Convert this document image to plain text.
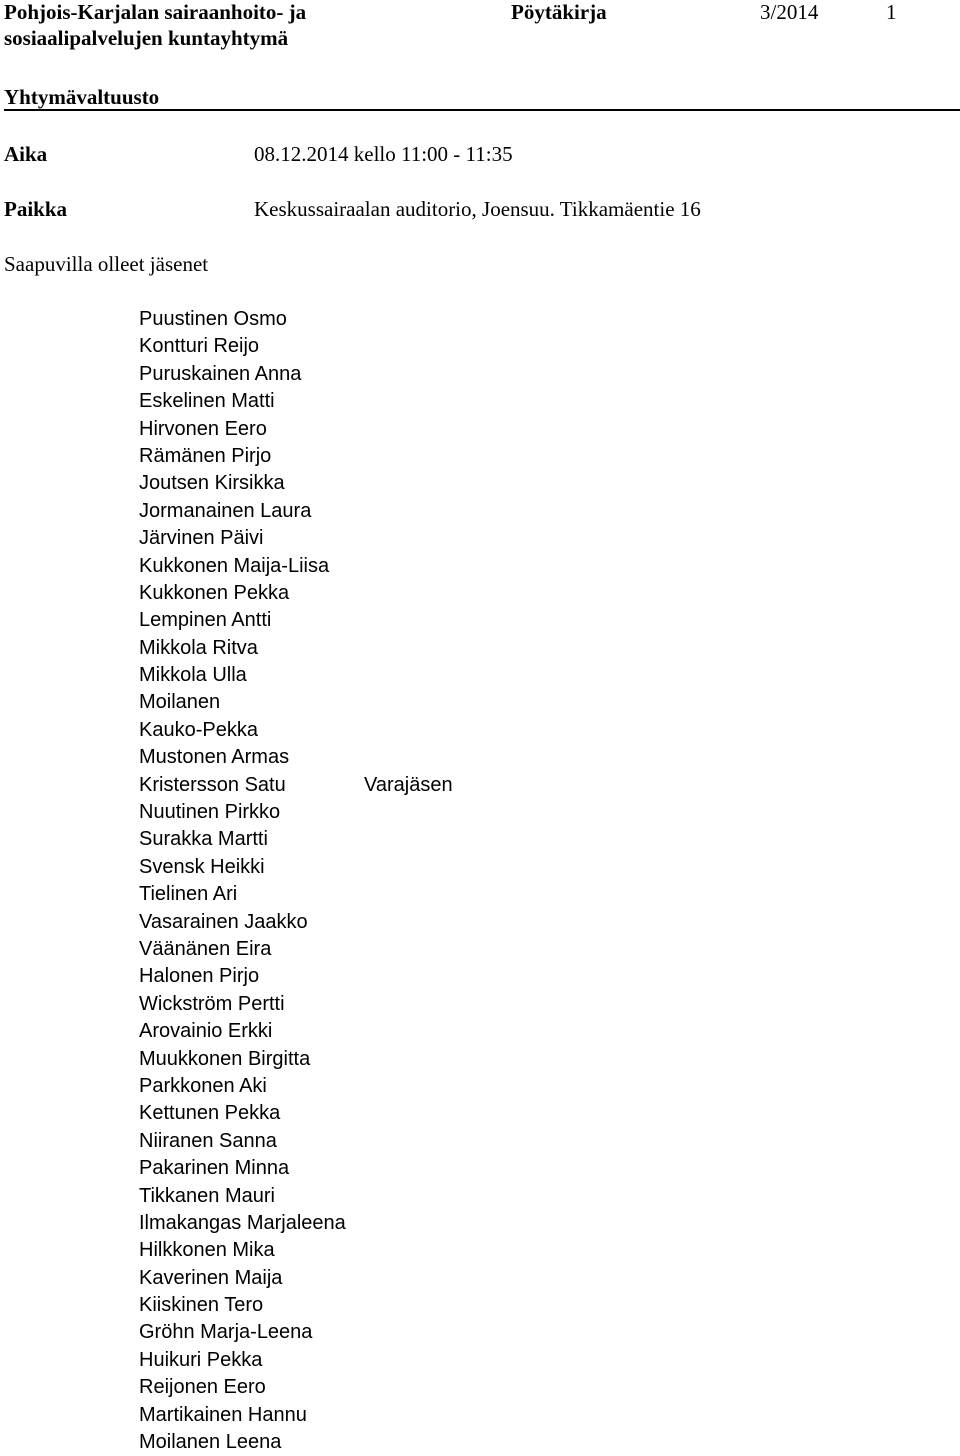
Pohjois-Karjalan sairaanhoito- ja sosiaalipalvelujen kuntayhtymä
Pöytäkirja	3/2014	1
Yhtymävaltuusto
Aika	08.12.2014 kello 11:00 - 11:35
Paikka	Keskussairaalan auditorio, Joensuu. Tikkamäentie 16
Saapuvilla olleet jäsenet
Puustinen Osmo
Kontturi Reijo
Puruskainen Anna
Eskelinen Matti
Hirvonen Eero
Rämänen Pirjo
Joutsen Kirsikka
Jormanainen Laura
Järvinen Päivi
Kukkonen Maija-Liisa
Kukkonen Pekka
Lempinen Antti
Mikkola Ritva
Mikkola Ulla
Moilanen
Kauko-Pekka
Mustonen Armas
Kristersson Satu	Varajäsen
Nuutinen Pirkko
Surakka Martti
Svensk Heikki
Tielinen Ari
Vasarainen Jaakko
Väänänen Eira
Halonen Pirjo
Wickström Pertti
Arovainio Erkki
Muukkonen Birgitta
Parkkonen Aki
Kettunen Pekka
Niiranen Sanna
Pakarinen Minna
Tikkanen Mauri
Ilmakangas Marjaleena
Hilkkonen Mika
Kaverinen Maija
Kiiskinen Tero
Gröhn Marja-Leena
Huikuri Pekka
Reijonen Eero
Martikainen Hannu
Moilanen Leena
